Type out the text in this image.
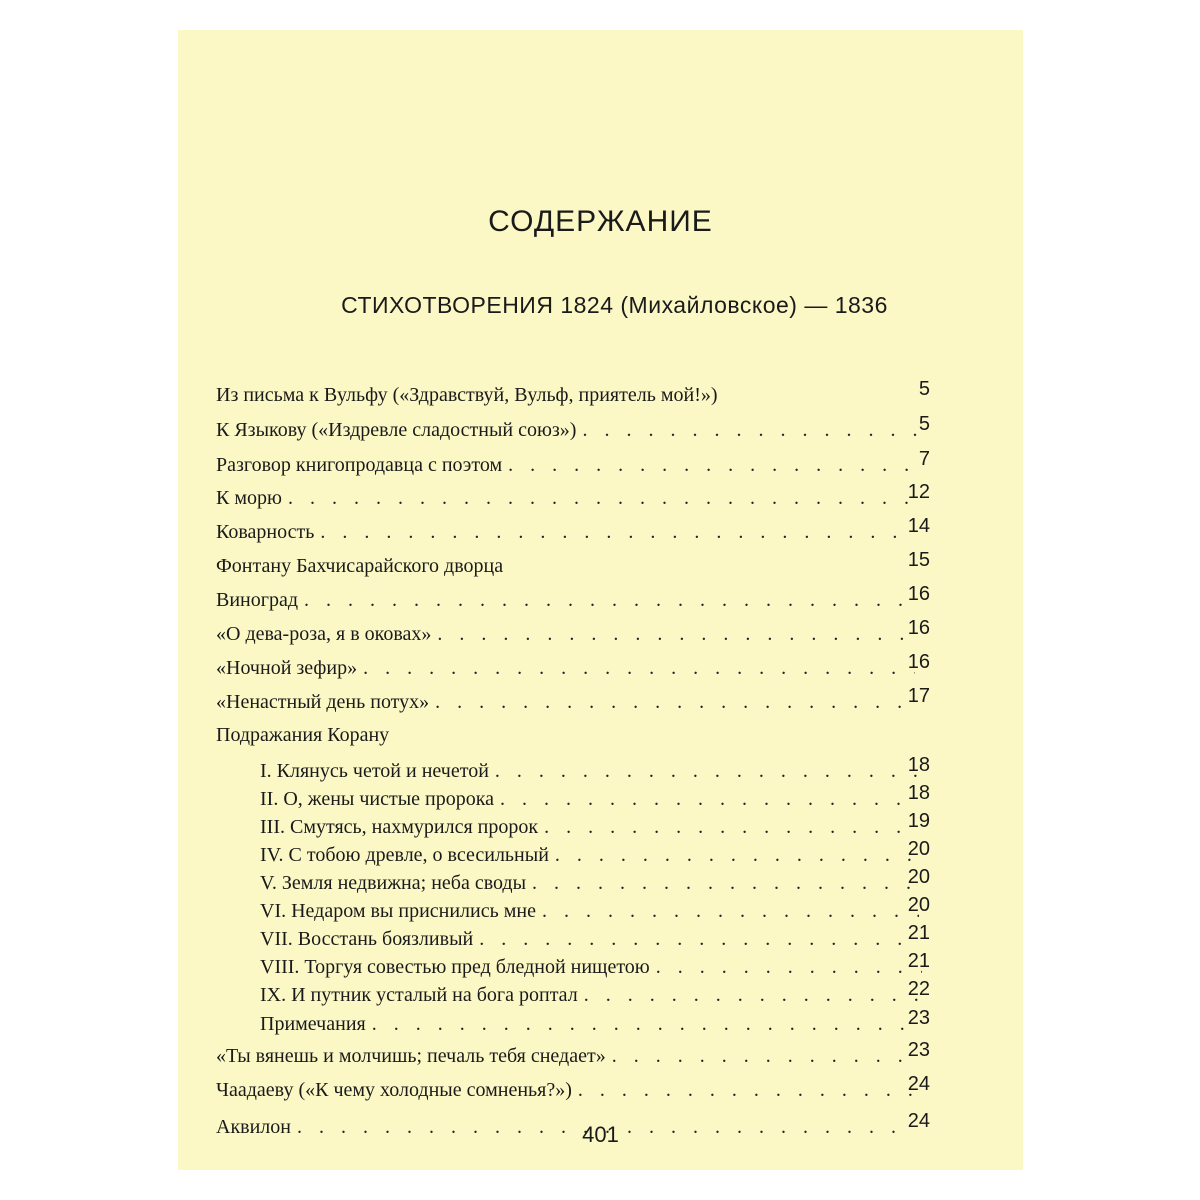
СОДЕРЖАНИЕ
СТИХОТВОРЕНИЯ 1824 (Михайловское) — 1836
Из письма к Вульфу («Здравствуй, Вульф, приятель мой!»)	5
К Языкову («Издревле сладостный союз») . . .	5
Разговор книгопродавца с поэтом . . .	7
К морю . . .	12
Коварность . . .	14
Фонтану Бахчисарайского дворца	15
Виноград . . .	16
«О дева-роза, я в оковах» . . .	16
«Ночной зефир» . . .	16
«Ненастный день потух» . . .	17
Подражания Корану
I. Клянусь четой и нечетой . . .	18
II. О, жены чистые пророка . . .	18
III. Смутясь, нахмурился пророк . . .	19
IV. С тобою древле, о всесильный . . .	20
V. Земля недвижна; неба своды . . .	20
VI. Недаром вы приснились мне . . .	20
VII. Восстань боязливый . . .	21
VIII. Торгуя совестью пред бледной нищетою . . .	21
IX. И путник усталый на бога роптал . . .	22
Примечания . . .	23
«Ты вянешь и молчишь; печаль тебя снедает» . . .	23
Чаадаеву («К чему холодные сомненья?») . . .	24
Аквилон . . .	24
401
